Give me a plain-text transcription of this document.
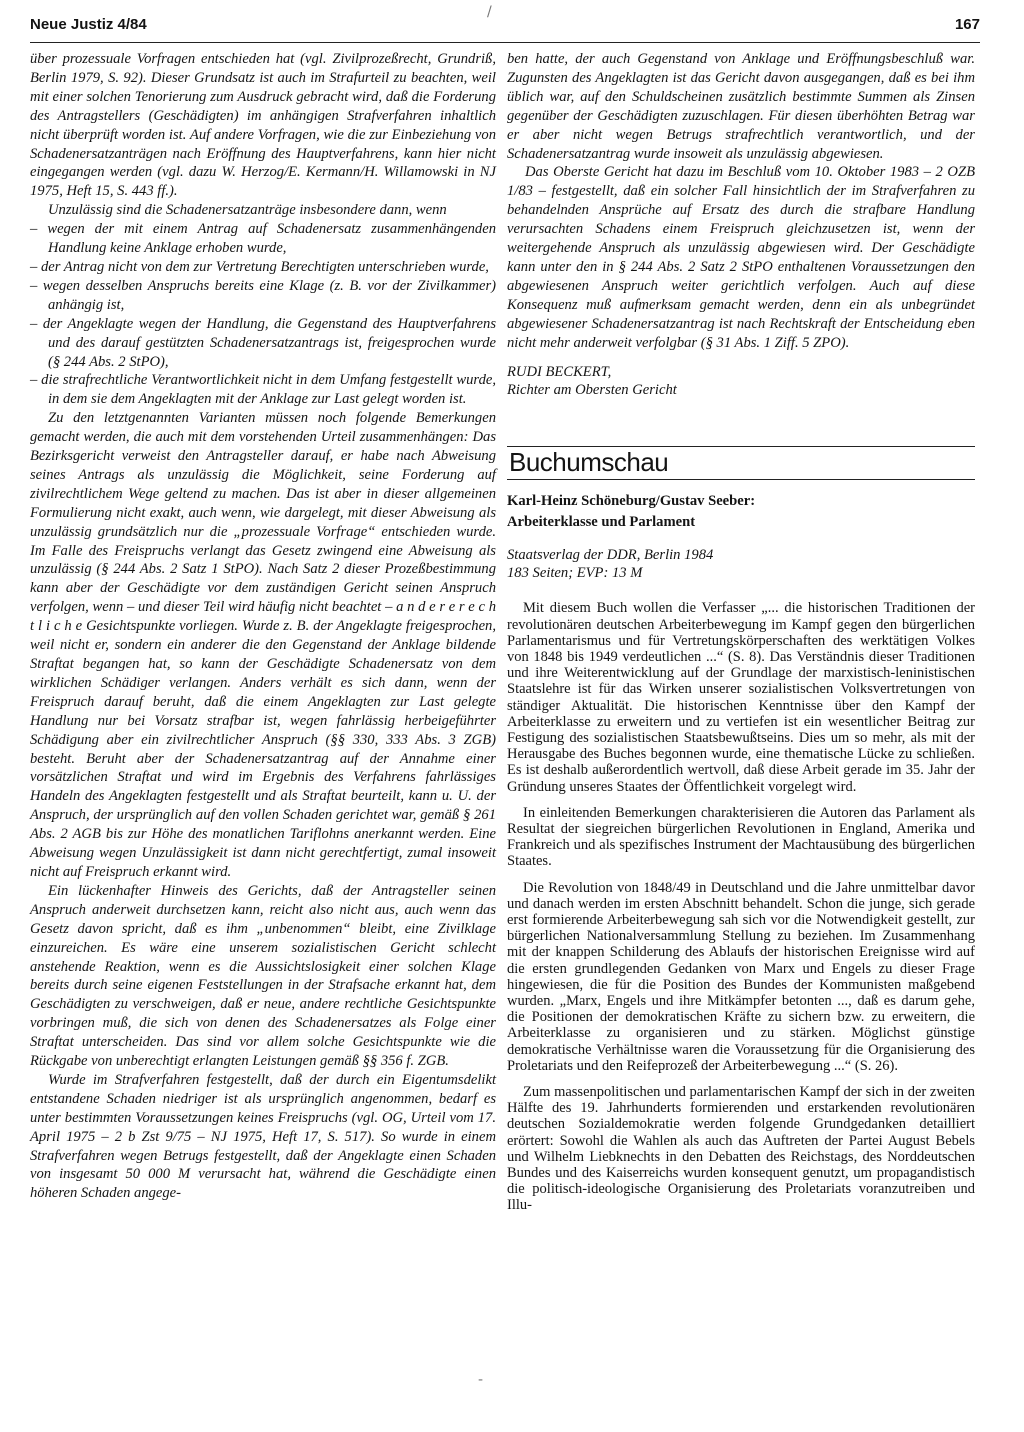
/
Neue Justiz 4/84	167

über prozessuale Vorfragen entschieden hat (vgl. Zivilprozeßrecht, Grundriß, Berlin 1979, S. 92). Dieser Grundsatz ist auch im Strafurteil zu beachten, weil mit einer solchen Tenorierung zum Ausdruck gebracht wird, daß die Forderung des Antragstellers (Geschädigten) im anhängigen Strafverfahren inhaltlich nicht überprüft worden ist. Auf andere Vorfragen, wie die zur Einbeziehung von Schadenersatzanträgen nach Eröffnung des Hauptverfahrens, kann hier nicht eingegangen werden (vgl. dazu W. Herzog/E. Kermann/H. Willamowski in NJ 1975, Heft 15, S. 443 ff.).

Unzulässig sind die Schadenersatzanträge insbesondere dann, wenn

– wegen der mit einem Antrag auf Schadenersatz zusammenhängenden Handlung keine Anklage erhoben wurde,
– der Antrag nicht von dem zur Vertretung Berechtigten unterschrieben wurde,
– wegen desselben Anspruchs bereits eine Klage (z. B. vor der Zivilkammer) anhängig ist,
– der Angeklagte wegen der Handlung, die Gegenstand des Hauptverfahrens und des darauf gestützten Schadenersatzantrags ist, freigesprochen wurde (§ 244 Abs. 2 StPO),
– die strafrechtliche Verantwortlichkeit nicht in dem Umfang festgestellt wurde, in dem sie dem Angeklagten mit der Anklage zur Last gelegt worden ist.

Zu den letztgenannten Varianten müssen noch folgende Bemerkungen gemacht werden, die auch mit dem vorstehenden Urteil zusammenhängen: Das Bezirksgericht verweist den Antragsteller darauf, er habe nach Abweisung seines Antrags als unzulässig die Möglichkeit, seine Forderung auf zivilrechtlichem Wege geltend zu machen. Das ist aber in dieser allgemeinen Formulierung nicht exakt, auch wenn, wie dargelegt, mit dieser Abweisung als unzulässig grundsätzlich nur die „prozessuale Vorfrage“ entschieden wurde. Im Falle des Freispruchs verlangt das Gesetz zwingend eine Abweisung als unzulässig (§ 244 Abs. 2 Satz 1 StPO). Nach Satz 2 dieser Prozeßbestimmung kann aber der Geschädigte vor dem zuständigen Gericht seinen Anspruch verfolgen, wenn – und dieser Teil wird häufig nicht beachtet – a n d e r e r e c h t l i c h e Gesichtspunkte vorliegen. Wurde z. B. der Angeklagte freigesprochen, weil nicht er, sondern ein anderer die den Gegenstand der Anklage bildende Straftat begangen hat, so kann der Geschädigte Schadenersatz von dem wirklichen Schädiger verlangen. Anders verhält es sich dann, wenn der Freispruch darauf beruht, daß die einem Angeklagten zur Last gelegte Handlung nur bei Vorsatz strafbar ist, wegen fahrlässig herbeigeführter Schädigung aber ein zivilrechtlicher Anspruch (§§ 330, 333 Abs. 3 ZGB) besteht. Beruht aber der Schadenersatzantrag auf der Annahme einer vorsätzlichen Straftat und wird im Ergebnis des Verfahrens fahrlässiges Handeln des Angeklagten festgestellt und als Straftat beurteilt, kann u. U. der Anspruch, der ursprünglich auf den vollen Schaden gerichtet war, gemäß § 261 Abs. 2 AGB bis zur Höhe des monatlichen Tariflohns anerkannt werden. Eine Abweisung wegen Unzulässigkeit ist dann nicht gerechtfertigt, zumal insoweit nicht auf Freispruch erkannt wird.

Ein lückenhafter Hinweis des Gerichts, daß der Antragsteller seinen Anspruch anderweit durchsetzen kann, reicht also nicht aus, auch wenn das Gesetz davon spricht, daß es ihm „unbenommen“ bleibt, eine Zivilklage einzureichen. Es wäre eine unserem sozialistischen Gericht schlecht anstehende Reaktion, wenn es die Aussichtslosigkeit einer solchen Klage bereits durch seine eigenen Feststellungen in der Strafsache erkannt hat, dem Geschädigten zu verschweigen, daß er neue, andere rechtliche Gesichtspunkte vorbringen muß, die sich von denen des Schadenersatzes als Folge einer Straftat unterscheiden. Das sind vor allem solche Gesichtspunkte wie die Rückgabe von unberechtigt erlangten Leistungen gemäß §§ 356 f. ZGB.

Wurde im Strafverfahren festgestellt, daß der durch ein Eigentumsdelikt entstandene Schaden niedriger ist als ursprünglich angenommen, bedarf es unter bestimmten Voraussetzungen keines Freispruchs (vgl. OG, Urteil vom 17. April 1975 – 2 b Zst 9/75 – NJ 1975, Heft 17, S. 517). So wurde in einem Strafverfahren wegen Betrugs festgestellt, daß der Angeklagte einen Schaden von insgesamt 50 000 M verursacht hat, während die Geschädigte einen höheren Schaden angege-

ben hatte, der auch Gegenstand von Anklage und Eröffnungsbeschluß war. Zugunsten des Angeklagten ist das Gericht davon ausgegangen, daß es bei ihm üblich war, auf den Schuldscheinen zusätzlich bestimmte Summen als Zinsen gegenüber der Geschädigten zuzuschlagen. Für diesen überhöhten Betrag war er aber nicht wegen Betrugs strafrechtlich verantwortlich, und der Schadenersatzantrag wurde insoweit als unzulässig abgewiesen.

Das Oberste Gericht hat dazu im Beschluß vom 10. Oktober 1983 – 2 OZB 1/83 – festgestellt, daß ein solcher Fall hinsichtlich der im Strafverfahren zu behandelnden Ansprüche auf Ersatz des durch die strafbare Handlung verursachten Schadens einem Freispruch gleichzusetzen ist, wenn der weitergehende Anspruch als unzulässig abgewiesen wird. Der Geschädigte kann unter den in § 244 Abs. 2 Satz 2 StPO enthaltenen Voraussetzungen den abgewiesenen Anspruch weiter gerichtlich verfolgen. Auch auf diese Konsequenz muß aufmerksam gemacht werden, denn ein als unbegründet abgewiesener Schadenersatzantrag ist nach Rechtskraft der Entscheidung eben nicht mehr anderweit verfolgbar (§ 31 Abs. 1 Ziff. 5 ZPO).

RUDI BECKERT,
Richter am Obersten Gericht
Buchumschau
Karl-Heinz Schöneburg/Gustav Seeber:
Arbeiterklasse und Parlament
Staatsverlag der DDR, Berlin 1984
183 Seiten; EVP: 13 M

Mit diesem Buch wollen die Verfasser „... die historischen Traditionen der revolutionären deutschen Arbeiterbewegung im Kampf gegen den bürgerlichen Parlamentarismus und für Vertretungskörperschaften des werktätigen Volkes von 1848 bis 1949 verdeutlichen ...“ (S. 8). Das Verständnis dieser Traditionen und ihre Weiterentwicklung auf der Grundlage der marxistisch-leninistischen Staatslehre ist für das Wirken unserer sozialistischen Volksvertretungen von ständiger Aktualität. Die historischen Kenntnisse über den Kampf der Arbeiterklasse zu erweitern und zu vertiefen ist ein wesentlicher Beitrag zur Festigung des sozialistischen Staatsbewußtseins. Dies um so mehr, als mit der Herausgabe des Buches begonnen wurde, eine thematische Lücke zu schließen. Es ist deshalb außerordentlich wertvoll, daß diese Arbeit gerade im 35. Jahr der Gründung unseres Staates der Öffentlichkeit vorgelegt wird.

In einleitenden Bemerkungen charakterisieren die Autoren das Parlament als Resultat der siegreichen bürgerlichen Revolutionen in England, Amerika und Frankreich und als spezifisches Instrument der Machtausübung des bürgerlichen Staates.

Die Revolution von 1848/49 in Deutschland und die Jahre unmittelbar davor und danach werden im ersten Abschnitt behandelt. Schon die junge, sich gerade erst formierende Arbeiterbewegung sah sich vor die Notwendigkeit gestellt, zur bürgerlichen Nationalversammlung Stellung zu beziehen. Im Zusammenhang mit der knappen Schilderung des Ablaufs der historischen Ereignisse wird auf die ersten grundlegenden Gedanken von Marx und Engels zu dieser Frage hingewiesen, die für die Position des Bundes der Kommunisten maßgebend wurden. „Marx, Engels und ihre Mitkämpfer betonten ..., daß es darum gehe, die Positionen der demokratischen Kräfte zu sichern bzw. zu erweitern, die Arbeiterklasse zu organisieren und zu stärken. Möglichst günstige demokratische Verhältnisse waren die Voraussetzung für die Organisierung des Proletariats und den Reifeprozeß der Arbeiterbewegung ...“ (S. 26).

Zum massenpolitischen und parlamentarischen Kampf der sich in der zweiten Hälfte des 19. Jahrhunderts formierenden und erstarkenden revolutionären deutschen Sozialdemokratie werden folgende Grundgedanken detailliert erörtert: Sowohl die Wahlen als auch das Auftreten der Partei August Bebels und Wilhelm Liebknechts in den Debatten des Reichstags, des Norddeutschen Bundes und des Kaiserreichs wurden konsequent genutzt, um propagandistisch die politisch-ideologische Organisierung des Proletariats voranzutreiben und Illu-

-
